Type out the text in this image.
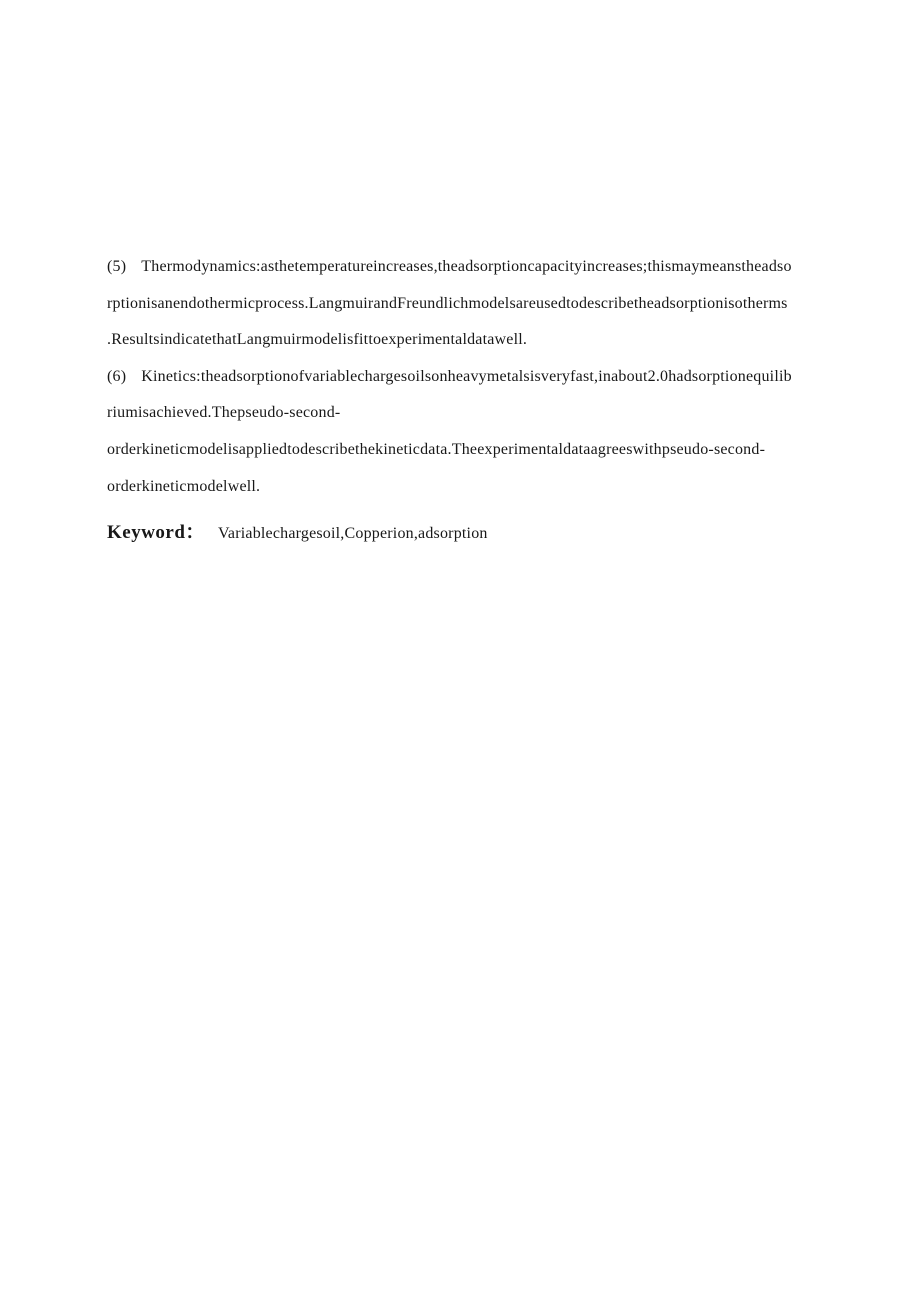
(5) Thermodynamics:asthetemperatureincreases,theadsorptioncapacityincreases;thismaymeanstheadso
rptionisanendothermicprocess.LangmuirandFreundlichmodelsareusedtodescribetheadsorptionisotherms
.ResultsindicatethatLangmuirmodelisfittoexperimentaldatawell.
(6) Kinetics:theadsorptionofvariablechargesoilsonheavymetalsisveryfast,inabout2.0hadsorptionequilib
riumisachieved.Thepseudo-second-
orderkineticmodelisappliedtodescribethekineticdata.Theexperimentaldataagreeswithpseudo-second-
orderkineticmodelwell.
Keyword： Variablechargesoil,Copperion,adsorption
